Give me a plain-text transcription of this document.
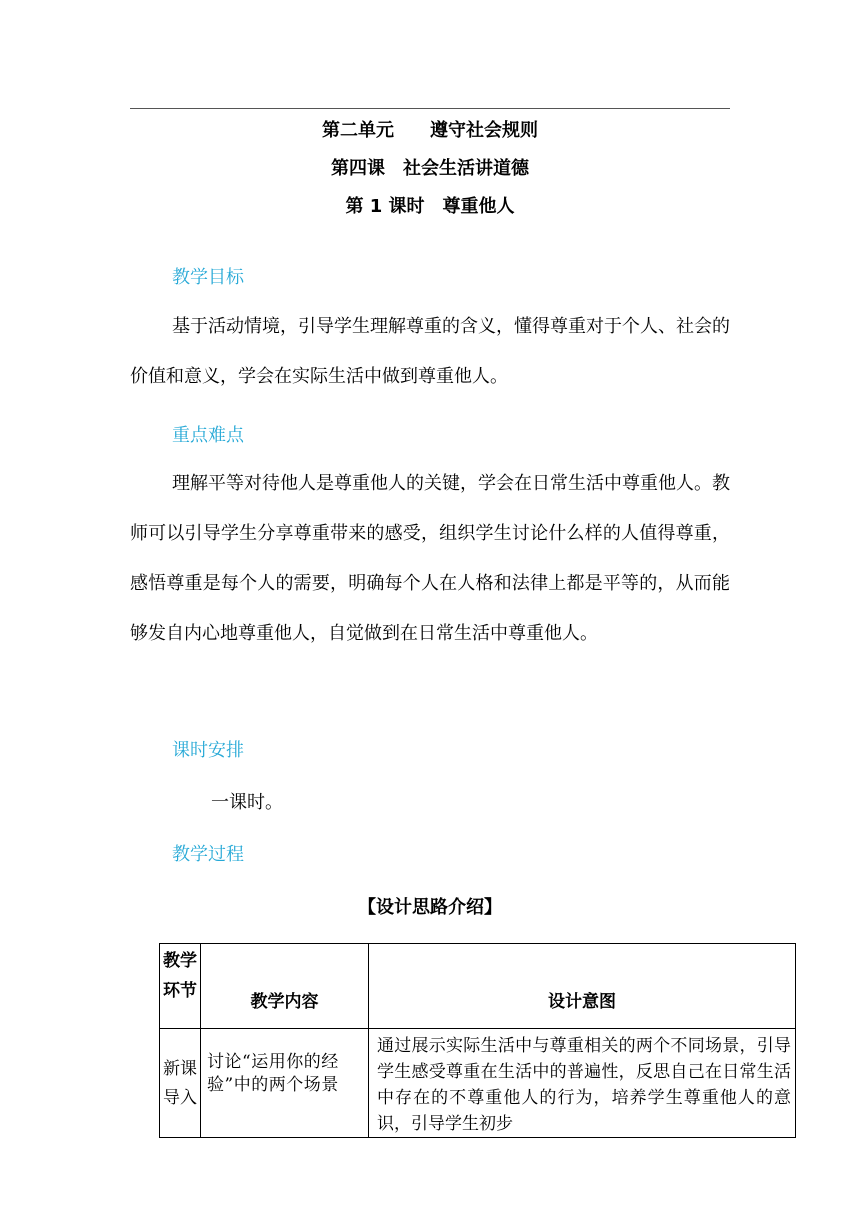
第二单元　　遵守社会规则
第四课　社会生活讲道德
第 1 课时　尊重他人
教学目标

基于活动情境，引导学生理解尊重的含义，懂得尊重对于个人、社会的价值和意义，学会在实际生活中做到尊重他人。

重点难点

理解平等对待他人是尊重他人的关键，学会在日常生活中尊重他人。教师可以引导学生分享尊重带来的感受，组织学生讨论什么样的人值得尊重，感悟尊重是每个人的需要，明确每个人在人格和法律上都是平等的，从而能够发自内心地尊重他人，自觉做到在日常生活中尊重他人。

课时安排
一课时。
教学过程
【设计思路介绍】
教学环节	教学内容	设计意图

新课导入	讨论“运用你的经验”中的两个场景	通过展示实际生活中与尊重相关的两个不同场景，引导学生感受尊重在生活中的普遍性，反思自己在日常生活中存在的不尊重他人的行为，培养学生尊重他人的意识，引导学生初步
